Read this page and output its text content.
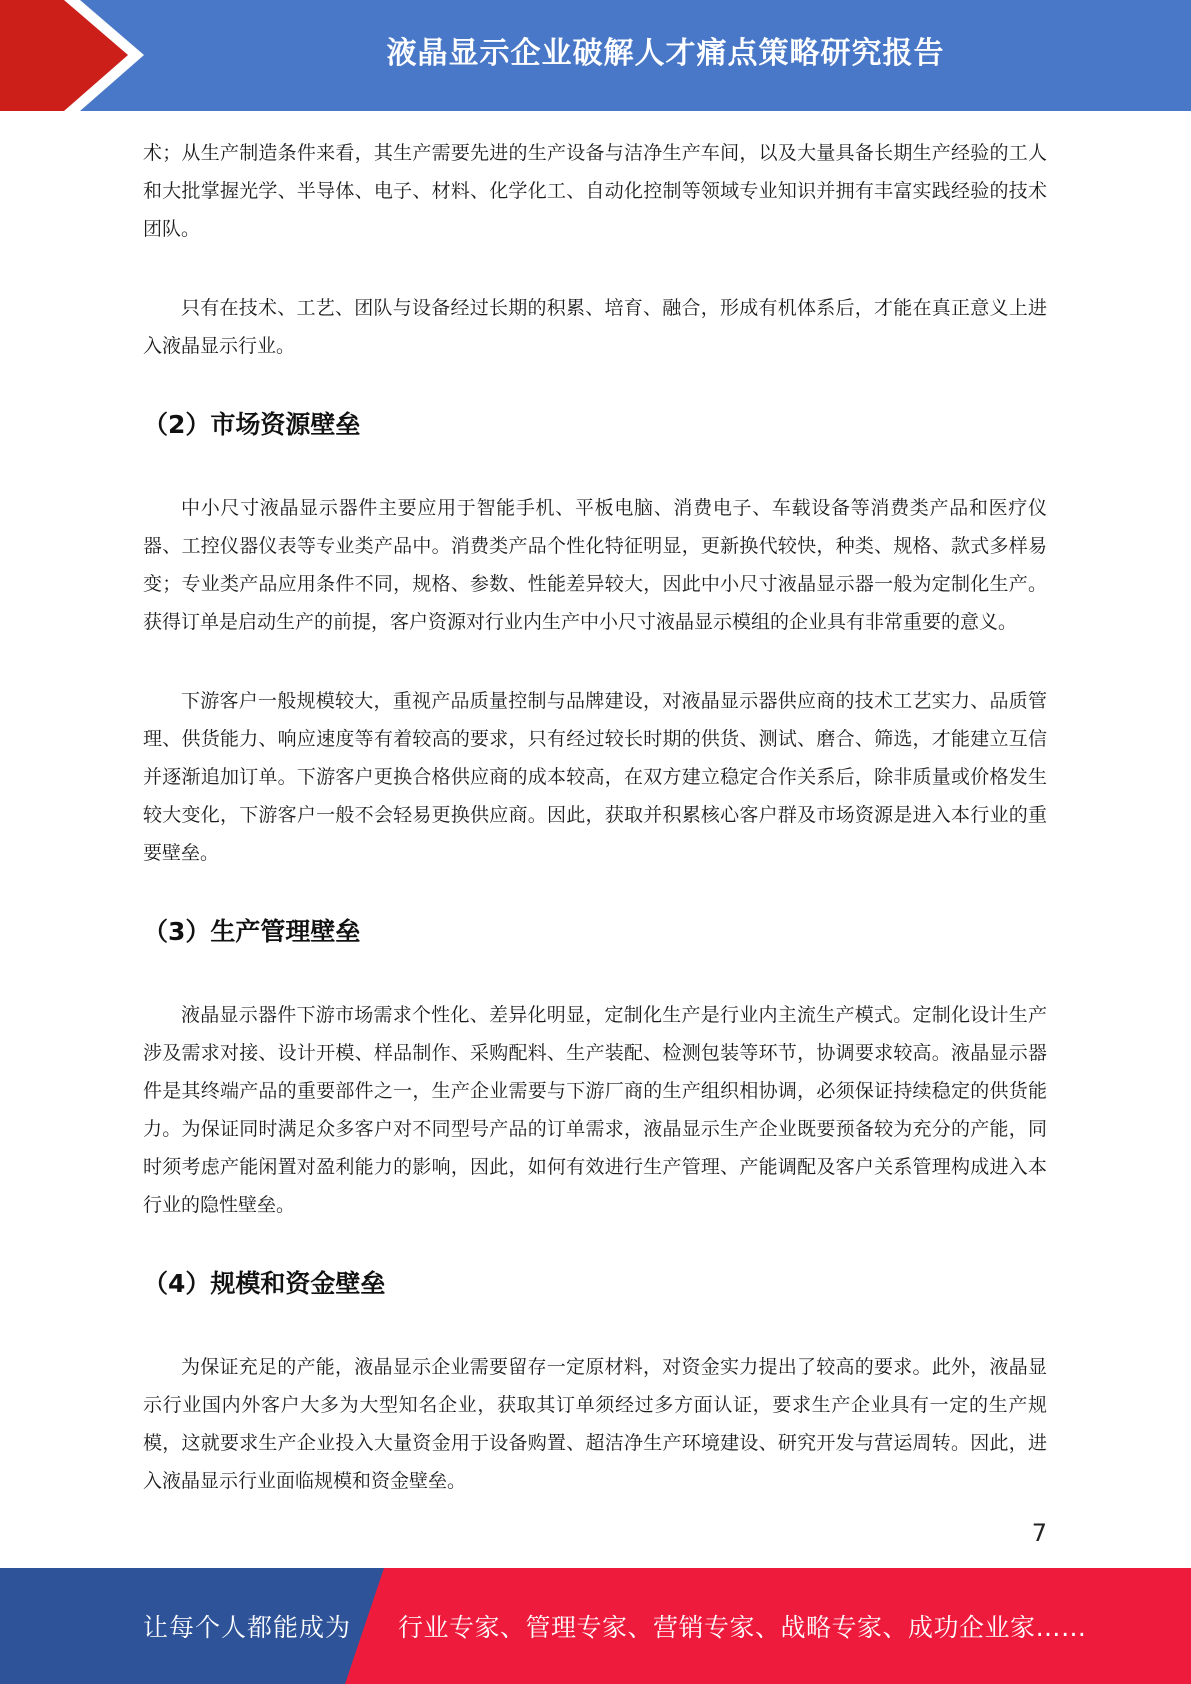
液晶显示企业破解人才痛点策略研究报告

术；从生产制造条件来看，其生产需要先进的生产设备与洁净生产车间，以及大量具备长期生产经验的工人和大批掌握光学、半导体、电子、材料、化学化工、自动化控制等领域专业知识并拥有丰富实践经验的技术团队。

只有在技术、工艺、团队与设备经过长期的积累、培育、融合，形成有机体系后，才能在真正意义上进入液晶显示行业。

（2）市场资源壁垒

中小尺寸液晶显示器件主要应用于智能手机、平板电脑、消费电子、车载设备等消费类产品和医疗仪器、工控仪器仪表等专业类产品中。消费类产品个性化特征明显，更新换代较快，种类、规格、款式多样易变；专业类产品应用条件不同，规格、参数、性能差异较大，因此中小尺寸液晶显示器一般为定制化生产。获得订单是启动生产的前提，客户资源对行业内生产中小尺寸液晶显示模组的企业具有非常重要的意义。

下游客户一般规模较大，重视产品质量控制与品牌建设，对液晶显示器供应商的技术工艺实力、品质管理、供货能力、响应速度等有着较高的要求，只有经过较长时期的供货、测试、磨合、筛选，才能建立互信并逐渐追加订单。下游客户更换合格供应商的成本较高，在双方建立稳定合作关系后，除非质量或价格发生较大变化，下游客户一般不会轻易更换供应商。因此，获取并积累核心客户群及市场资源是进入本行业的重要壁垒。

（3）生产管理壁垒

液晶显示器件下游市场需求个性化、差异化明显，定制化生产是行业内主流生产模式。定制化设计生产涉及需求对接、设计开模、样品制作、采购配料、生产装配、检测包装等环节，协调要求较高。液晶显示器件是其终端产品的重要部件之一，生产企业需要与下游厂商的生产组织相协调，必须保证持续稳定的供货能力。为保证同时满足众多客户对不同型号产品的订单需求，液晶显示生产企业既要预备较为充分的产能，同时须考虑产能闲置对盈利能力的影响，因此，如何有效进行生产管理、产能调配及客户关系管理构成进入本行业的隐性壁垒。

（4）规模和资金壁垒

为保证充足的产能，液晶显示企业需要留存一定原材料，对资金实力提出了较高的要求。此外，液晶显示行业国内外客户大多为大型知名企业，获取其订单须经过多方面认证，要求生产企业具有一定的生产规模，这就要求生产企业投入大量资金用于设备购置、超洁净生产环境建设、研究开发与营运周转。因此，进入液晶显示行业面临规模和资金壁垒。

7
让每个人都能成为 行业专家、管理专家、营销专家、战略专家、成功企业家……
